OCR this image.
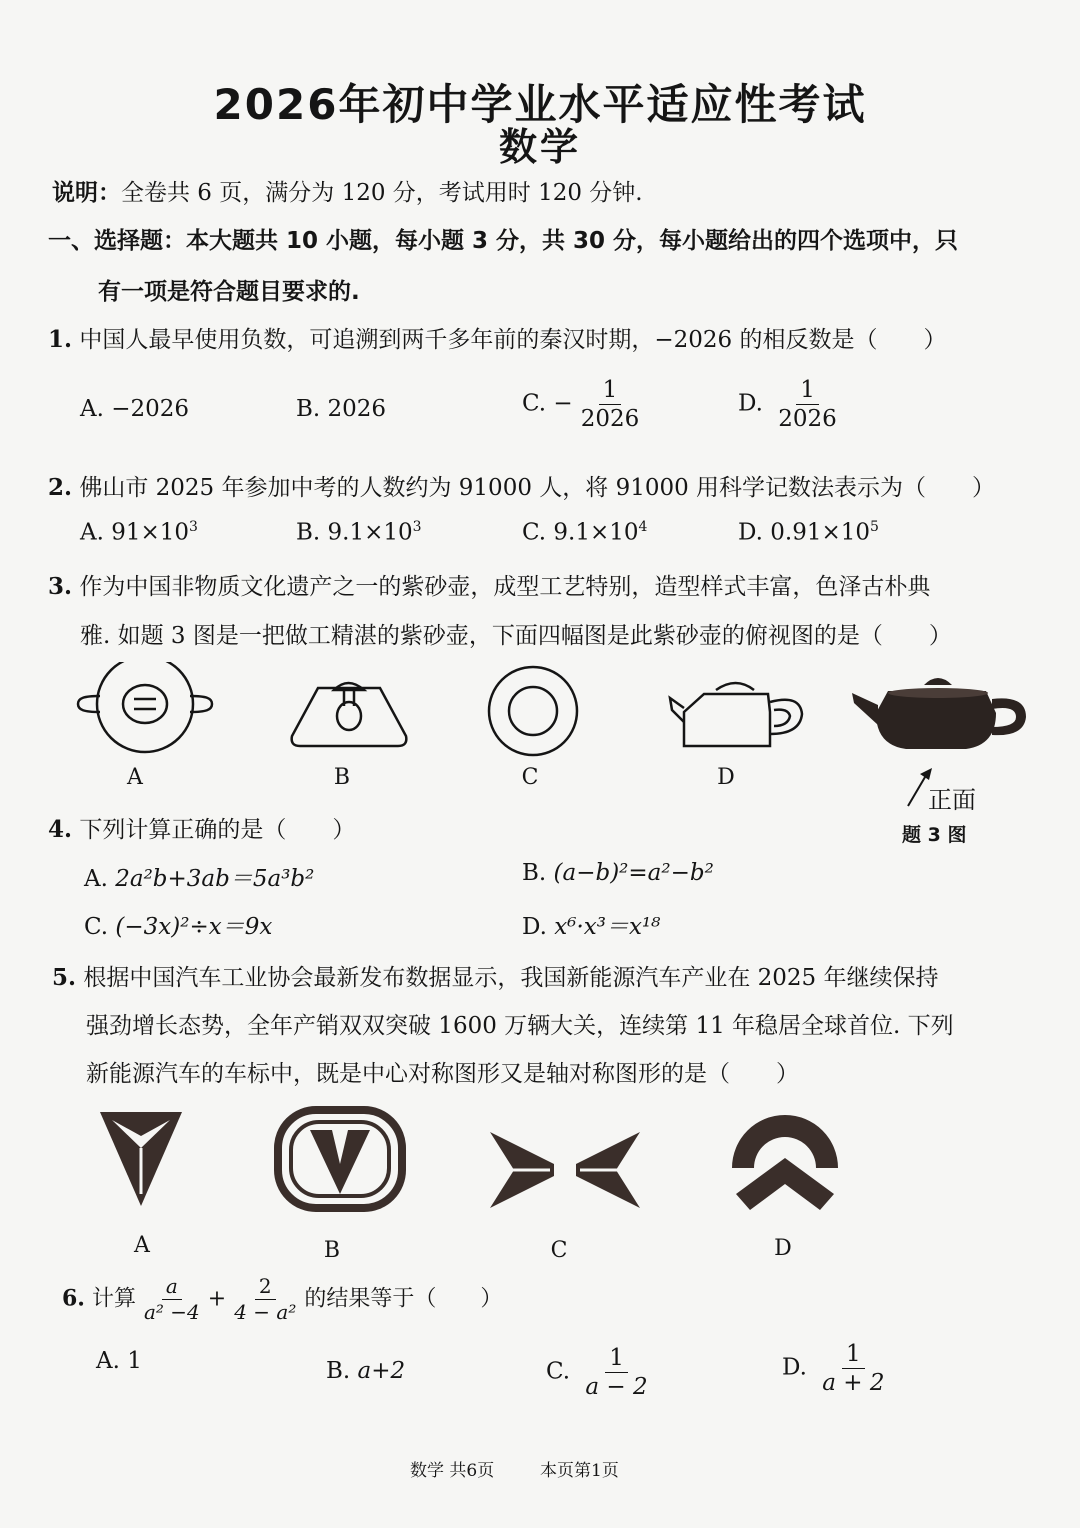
2026年初中学业水平适应性考试
数学
说明：全卷共 6 页，满分为 120 分，考试用时 120 分钟.
一、选择题：本大题共 10 小题，每小题 3 分，共 30 分，每小题给出的四个选项中，只
有一项是符合题目要求的.
1. 中国人最早使用负数，可追溯到两千多年前的秦汉时期，−2026 的相反数是（　　）
A. −2026	B. 2026	C. − $\frac{1}{2026}$	D. $\frac{1}{2026}$
2. 佛山市 2025 年参加中考的人数约为 91000 人，将 91000 用科学记数法表示为（　　）
A. $91\times 10^3$	B. $9.1\times 10^3$	C. $9.1\times 10^4$	D. $0.91\times 10^5$
3. 作为中国非物质文化遗产之一的紫砂壶，成型工艺特别，造型样式丰富，色泽古朴典
雅. 如题 3 图是一把做工精湛的紫砂壶，下面四幅图是此紫砂壶的俯视图的是（　　）
A	B	C	D
正面
题 3 图
4. 下列计算正确的是（　　）
A. 2a²b+3ab＝5a³b²	B. (a−b)²=a²−b²
C. (−3x)²÷x＝9x	D. x⁶·x³＝x¹⁸
5. 根据中国汽车工业协会最新发布数据显示，我国新能源汽车产业在 2025 年继续保持
强劲增长态势，全年产销双双突破 1600 万辆大关，连续第 11 年稳居全球首位. 下列
新能源汽车的车标中，既是中心对称图形又是轴对称图形的是（　　）
A	B	C	D
6. 计算 $\frac{a}{\text{a² −4}} + \frac{2}{\text{4 − a²}}$ 的结果等于（　　）
A. 1	B. a+2	C. $\frac{1}{a - 2}$	D. $\frac{1}{a + 2}$
数学 共6页	本页第1页
